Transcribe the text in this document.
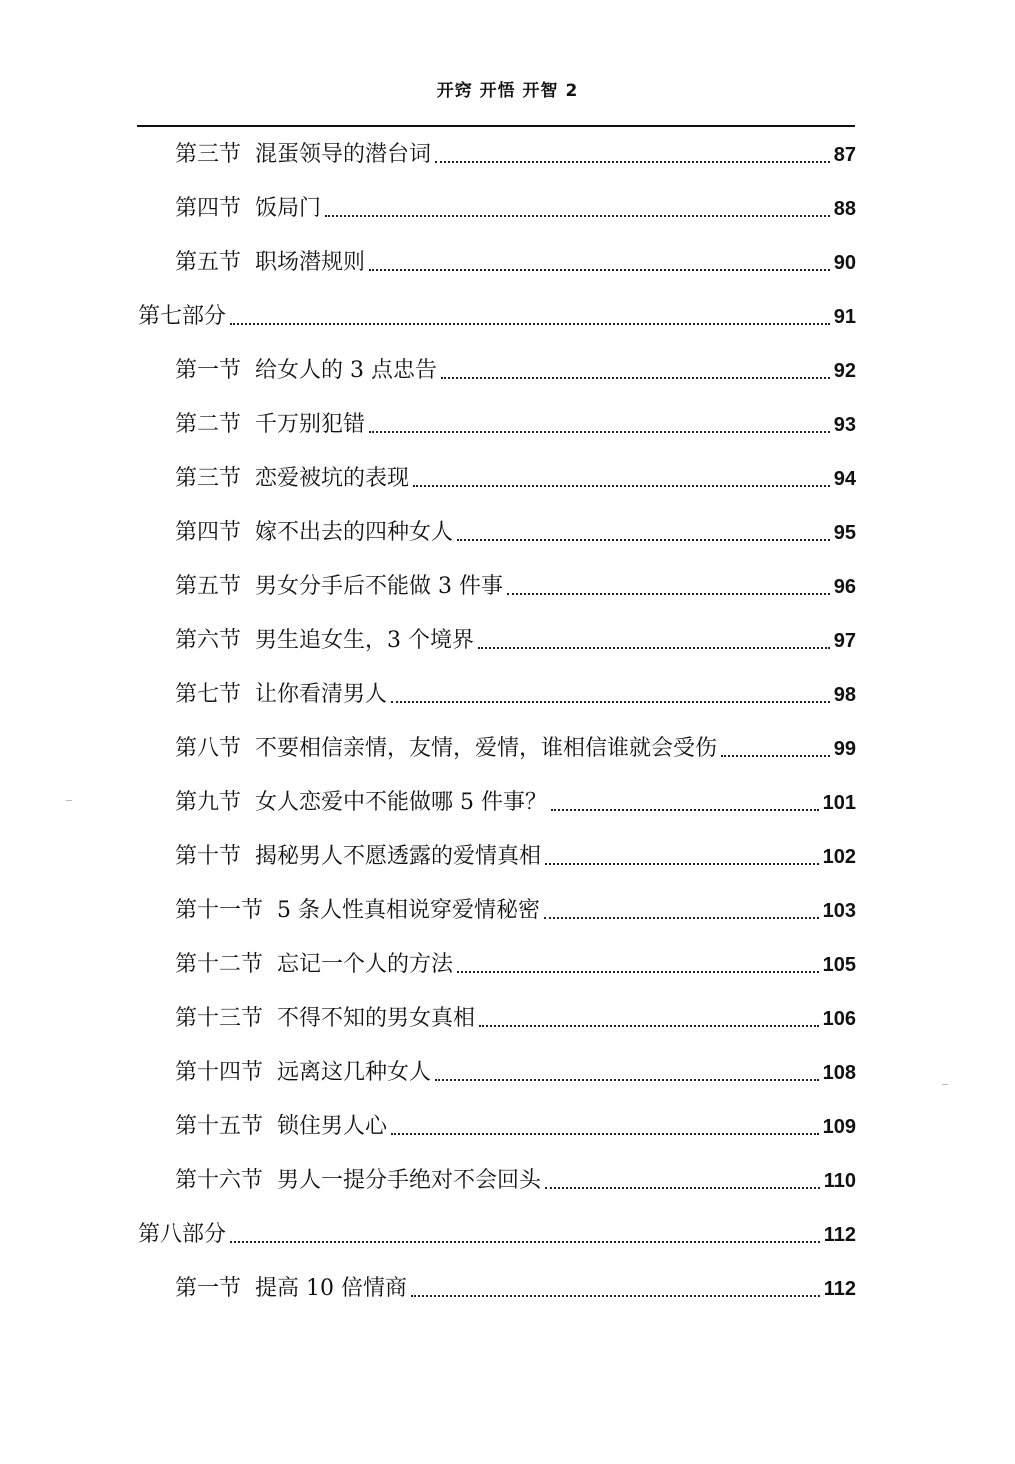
开窍 开悟 开智 2
第三节 混蛋领导的潜台词	87
第四节 饭局门	88
第五节 职场潜规则	90
第七部分	91
第一节 给女人的 3 点忠告	92
第二节 千万别犯错	93
第三节 恋爱被坑的表现	94
第四节 嫁不出去的四种女人	95
第五节 男女分手后不能做 3 件事	96
第六节 男生追女生，3 个境界	97
第七节 让你看清男人	98
第八节 不要相信亲情，友情，爱情，谁相信谁就会受伤	99
第九节 女人恋爱中不能做哪 5 件事？	101
第十节 揭秘男人不愿透露的爱情真相	102
第十一节 5 条人性真相说穿爱情秘密	103
第十二节 忘记一个人的方法	105
第十三节 不得不知的男女真相	106
第十四节 远离这几种女人	108
第十五节 锁住男人心	109
第十六节 男人一提分手绝对不会回头	110
第八部分	112
第一节 提高 10 倍情商	112
